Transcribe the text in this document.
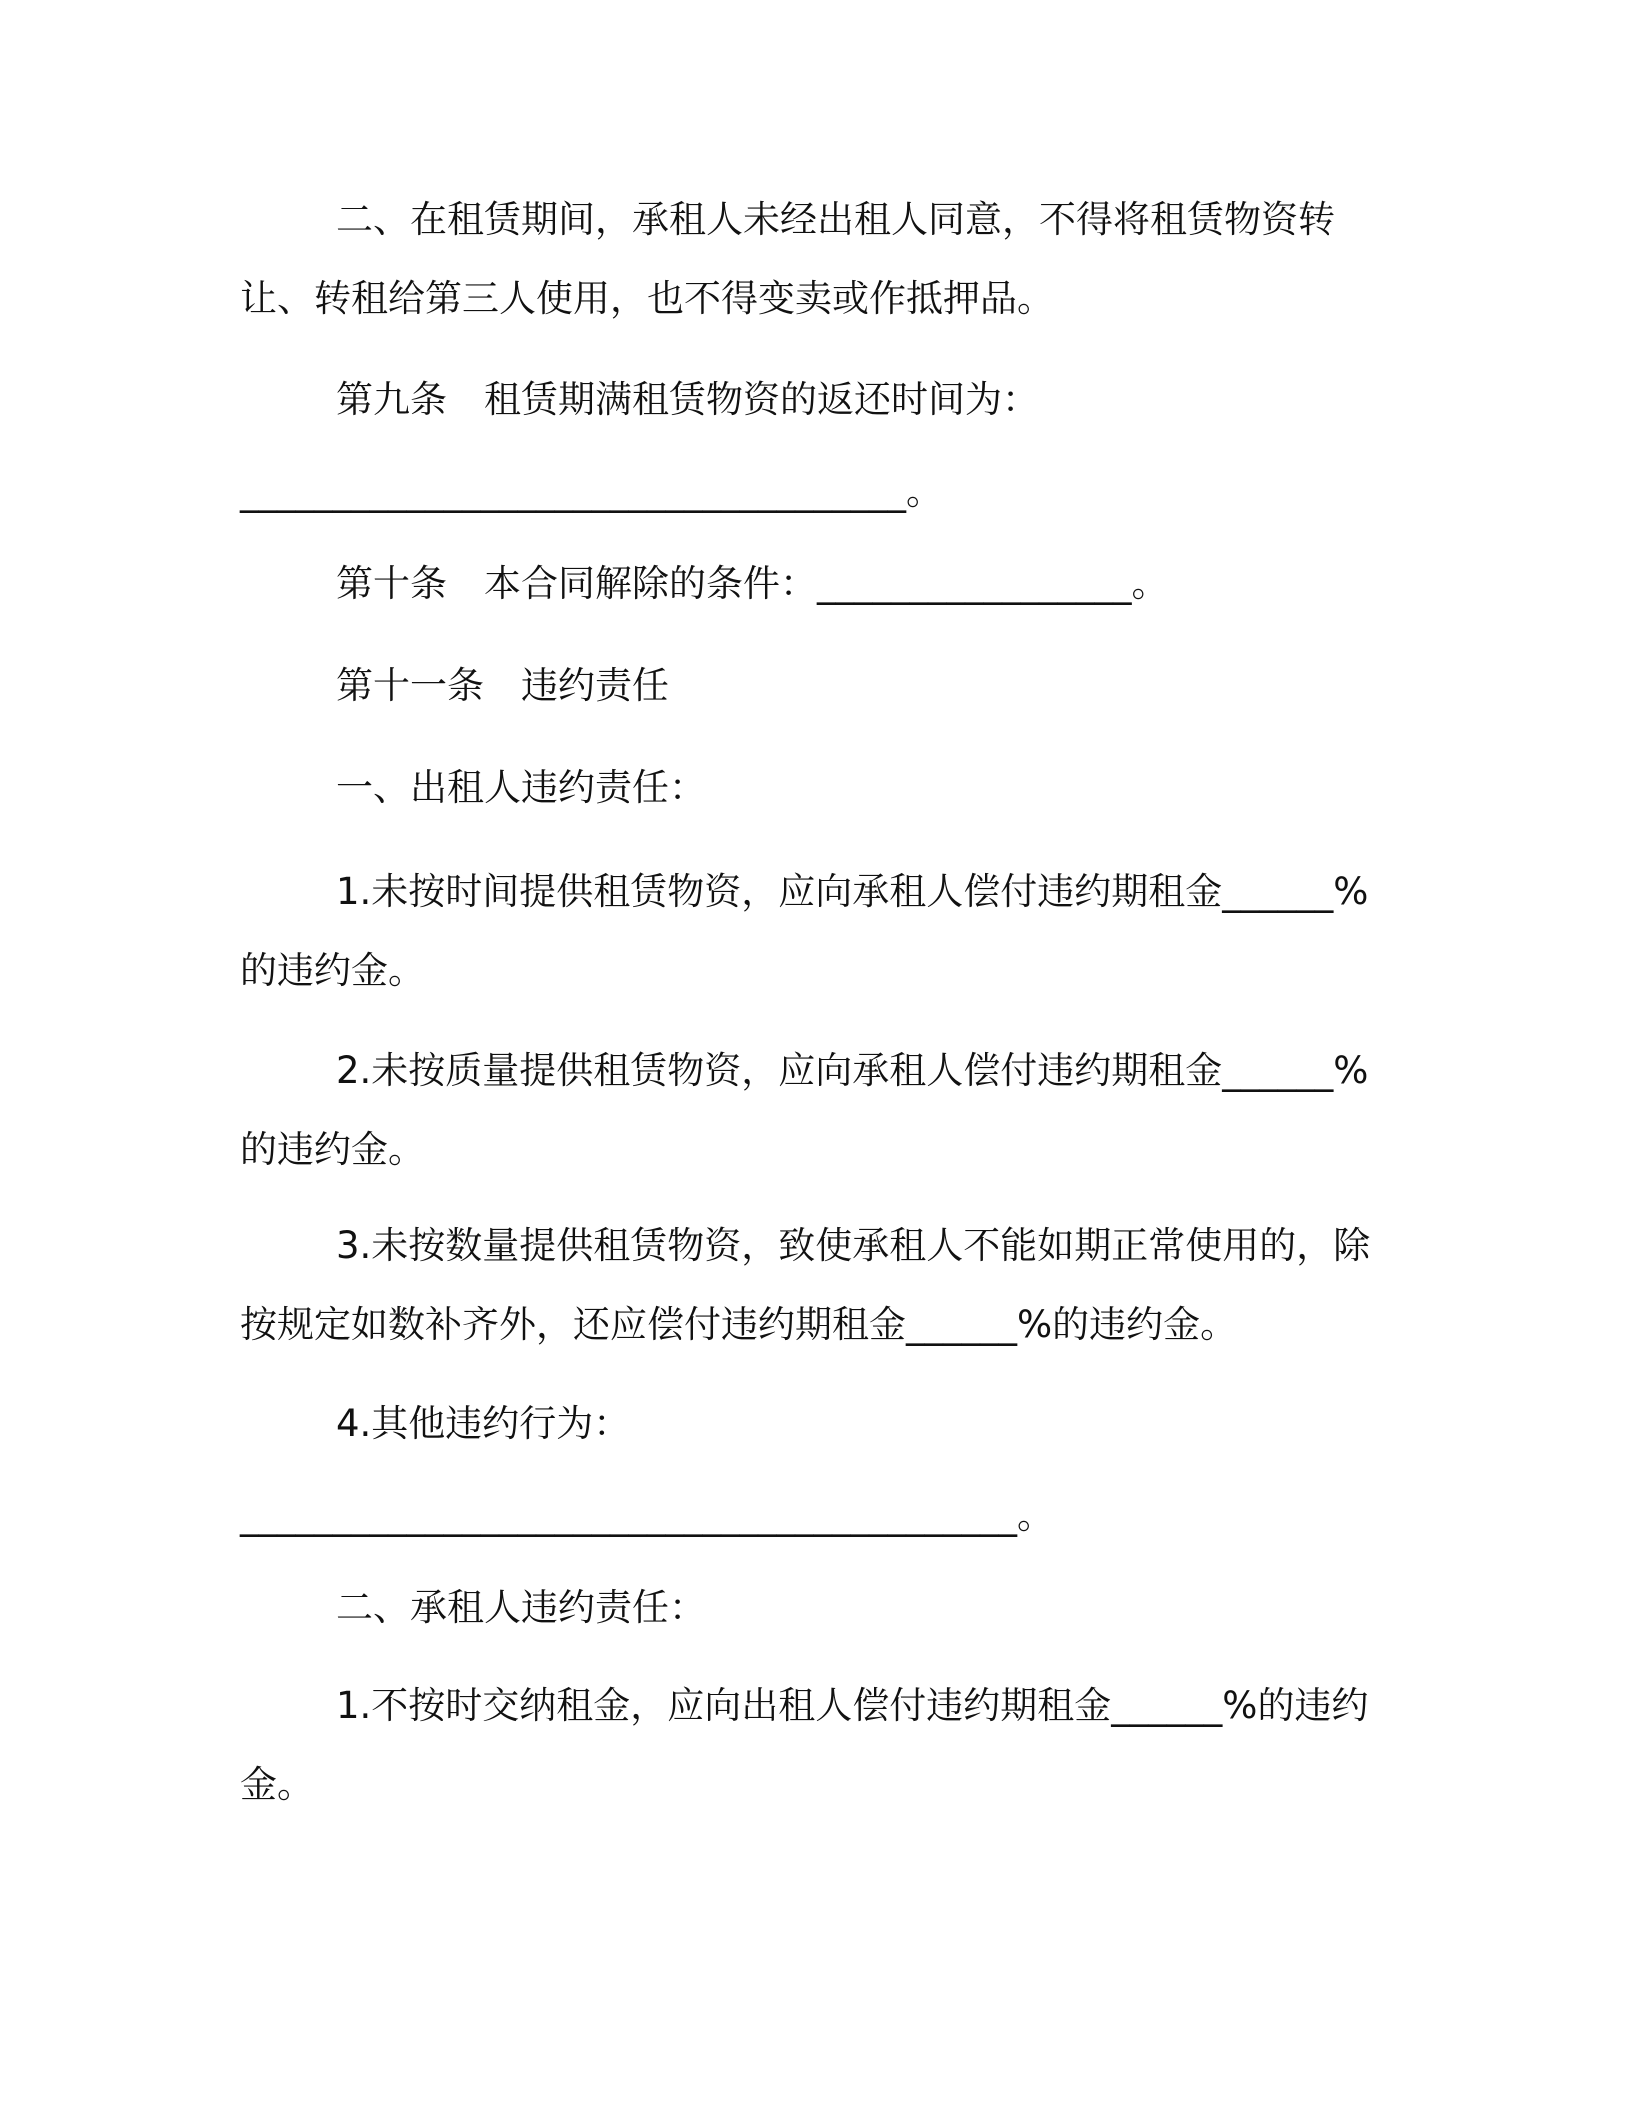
二、在租赁期间，承租人未经出租人同意，不得将租赁物资转让、转租给第三人使用，也不得变卖或作抵押品。

第九条　租赁期满租赁物资的返还时间为：

____________________________________。

第十条　本合同解除的条件：_________________。

第十一条　违约责任

一、出租人违约责任：

1.未按时间提供租赁物资，应向承租人偿付违约期租金______%的违约金。

2.未按质量提供租赁物资，应向承租人偿付违约期租金______%的违约金。

3.未按数量提供租赁物资，致使承租人不能如期正常使用的，除按规定如数补齐外，还应偿付违约期租金______%的违约金。

4.其他违约行为：

__________________________________________。

二、承租人违约责任：

1.不按时交纳租金，应向出租人偿付违约期租金______%的违约金。
